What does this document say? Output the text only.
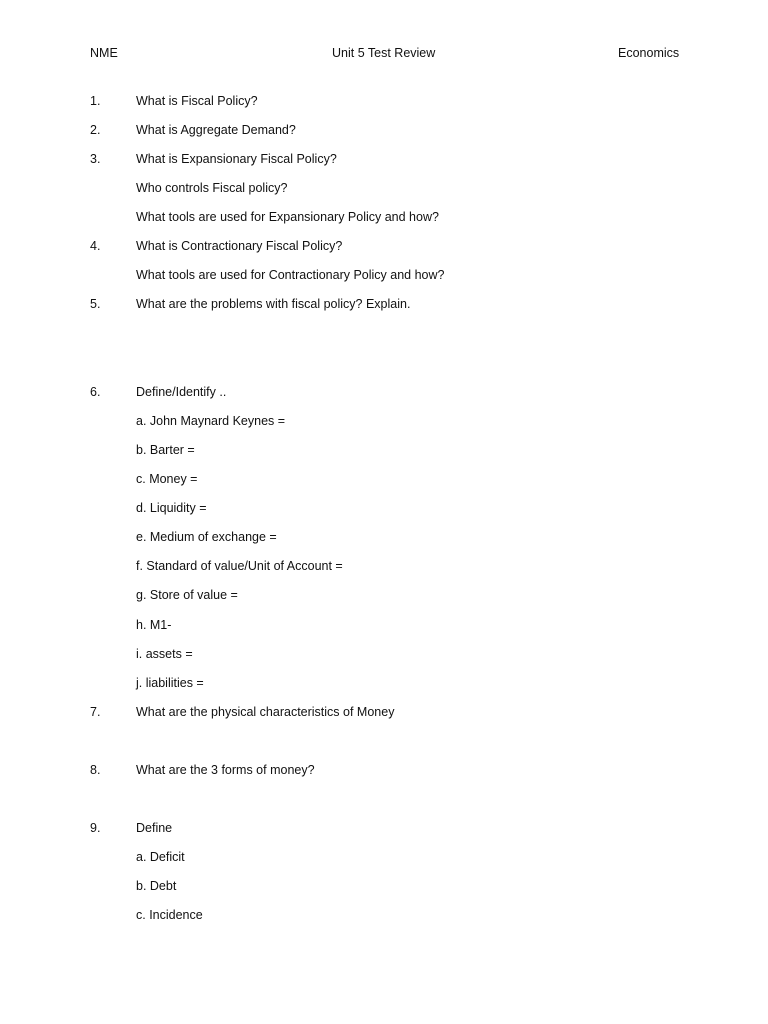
NME	Unit 5 Test Review	Economics
1.	What is Fiscal Policy?
2.	What is Aggregate Demand?
3.	What is Expansionary Fiscal Policy?
Who controls Fiscal policy?
What tools are used for Expansionary Policy and how?
4.	What is Contractionary Fiscal Policy?
What tools are used for Contractionary Policy and how?
5.	What are the problems with fiscal policy? Explain.
6.	Define/Identify ..
a. John Maynard Keynes =
b. Barter =
c. Money =
d. Liquidity =
e. Medium of exchange =
f. Standard of value/Unit of Account =
g. Store of value =
h. M1-
i. assets =
j. liabilities =
7.	What are the physical characteristics of Money
8.	What are the 3 forms of money?
9.	Define
a. Deficit
b. Debt
c. Incidence
